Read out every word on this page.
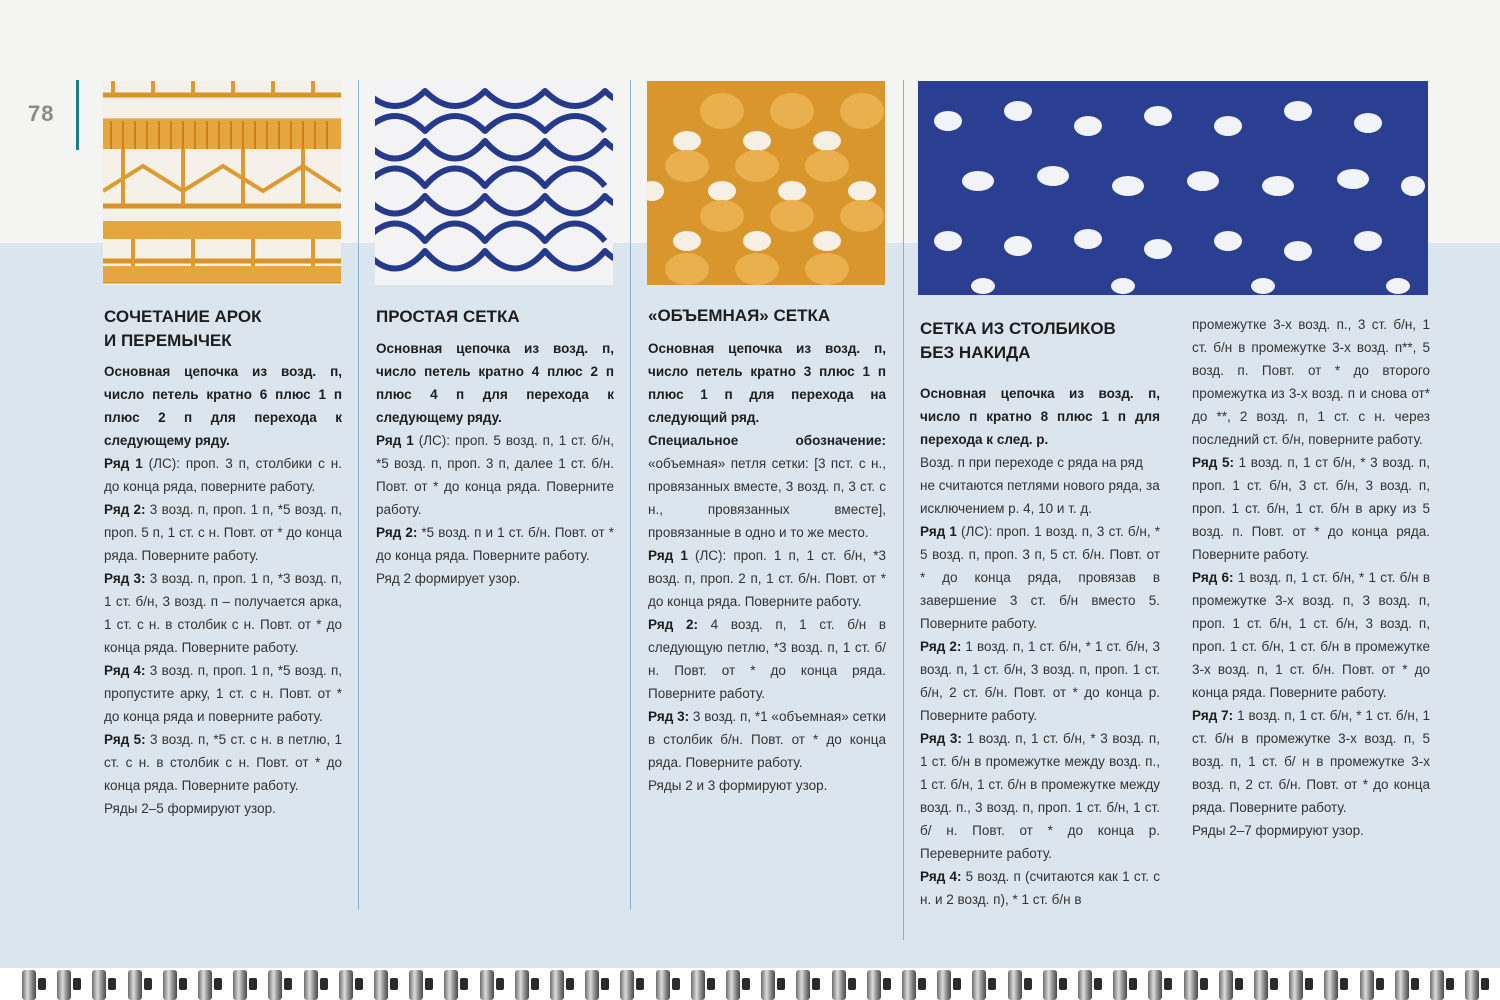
78
СОЧЕТАНИЕ АРОК
И ПЕРЕМЫЧЕК

Основная цепочка из возд. п, число петель кратно 6 плюс 1 п плюс 2 п для перехода к следующему ряду.

Ряд 1 (ЛС): проп. 3 п, столбики с н. до конца ряда, поверните работу.

Ряд 2: 3 возд. п, проп. 1 п, *5 возд. п, проп. 5 п, 1 ст. с н. Повт. от * до конца ряда. Поверните работу.

Ряд 3: 3 возд. п, проп. 1 п, *3 возд. п, 1 ст. б/н, 3 возд. п – получается арка, 1 ст. с н. в столбик с н. Повт. от * до конца ряда. Поверните работу.

Ряд 4: 3 возд. п, проп. 1 п, *5 возд. п, пропустите арку, 1 ст. с н. Повт. от * до конца ряда и поверните работу.

Ряд 5: 3 возд. п, *5 ст. с н. в петлю, 1 ст. с н. в столбик с н. Повт. от * до конца ряда. Поверните работу.

Ряды 2–5 формируют узор.

ПРОСТАЯ СЕТКА

Основная цепочка из возд. п, число петель кратно 4 плюс 2 п плюс 4 п для перехода к следующему ряду.

Ряд 1 (ЛС): проп. 5 возд. п, 1 ст. б/н, *5 возд. п, проп. 3 п, далее 1 ст. б/н. Повт. от * до конца ряда. Поверните работу.

Ряд 2: *5 возд. п и 1 ст. б/н. Повт. от * до конца ряда. Поверните работу.

Ряд 2 формирует узор.

«ОБЪЕМНАЯ» СЕТКА

Основная цепочка из возд. п, число петель кратно 3 плюс 1 п плюс 1 п для перехода на следующий ряд.

Специальное обозначение: «объемная» петля сетки: [3 пст. с н., провязанных вместе, 3 возд. п, 3 ст. с н., провязанных вместе], провязанные в одно и то же место.

Ряд 1 (ЛС): проп. 1 п, 1 ст. б/н, *3 возд. п, проп. 2 п, 1 ст. б/н. Повт. от * до конца ряда. Поверните работу.

Ряд 2: 4 возд. п, 1 ст. б/н в следующую петлю, *3 возд. п, 1 ст. б/н. Повт. от * до конца ряда. Поверните работу.

Ряд 3: 3 возд. п, *1 «объемная» сетки в столбик б/н. Повт. от * до конца ряда. Поверните работу.

Ряды 2 и 3 формируют узор.

СЕТКА ИЗ СТОЛБИКОВ
БЕЗ НАКИДА

Основная цепочка из возд. п, число п кратно 8 плюс 1 п для перехода к след. р.

Возд. п при переходе с ряда на ряд не считаются петлями нового ряда, за исключением р. 4, 10 и т. д.

Ряд 1 (ЛС): проп. 1 возд. п, 3 ст. б/н, * 5 возд. п, проп. 3 п, 5 ст. б/н. Повт. от * до конца ряда, провязав в завершение 3 ст. б/н вместо 5. Поверните работу.

Ряд 2: 1 возд. п, 1 ст. б/н, * 1 ст. б/н, 3 возд. п, 1 ст. б/н, 3 возд. п, проп. 1 ст. б/н, 2 ст. б/н. Повт. от * до конца р. Поверните работу.

Ряд 3: 1 возд. п, 1 ст. б/н, * 3 возд. п, 1 ст. б/н в промежутке между возд. п., 1 ст. б/н, 1 ст. б/н в промежутке между возд. п., 3 возд. п, проп. 1 ст. б/н, 1 ст. б/ н. Повт. от * до конца р. Переверните работу.

Ряд 4: 5 возд. п (считаются как 1 ст. с н. и 2 возд. п), * 1 ст. б/н в

промежутке 3-х возд. п., 3 ст. б/н, 1 ст. б/н в промежутке 3-х возд. п**, 5 возд. п. Повт. от * до второго промежутка из 3-х возд. п и снова от* до **, 2 возд. п, 1 ст. с н. через последний ст. б/н, поверните работу.

Ряд 5: 1 возд. п, 1 ст б/н, * 3 возд. п, проп. 1 ст. б/н, 3 ст. б/н, 3 возд. п, проп. 1 ст. б/н, 1 ст. б/н в арку из 5 возд. п. Повт. от * до конца ряда. Поверните работу.

Ряд 6: 1 возд. п, 1 ст. б/н, * 1 ст. б/н в промежутке 3-х возд. п, 3 возд. п, проп. 1 ст. б/н, 1 ст. б/н, 3 возд. п, проп. 1 ст. б/н, 1 ст. б/н в промежутке 3-х возд. п, 1 ст. б/н. Повт. от * до конца ряда. Поверните работу.

Ряд 7: 1 возд. п, 1 ст. б/н, * 1 ст. б/н, 1 ст. б/н в промежутке 3-х возд. п, 5 возд. п, 1 ст. б/ н в промежутке 3-х возд. п, 2 ст. б/н. Повт. от * до конца ряда. Поверните работу.

Ряды 2–7 формируют узор.
